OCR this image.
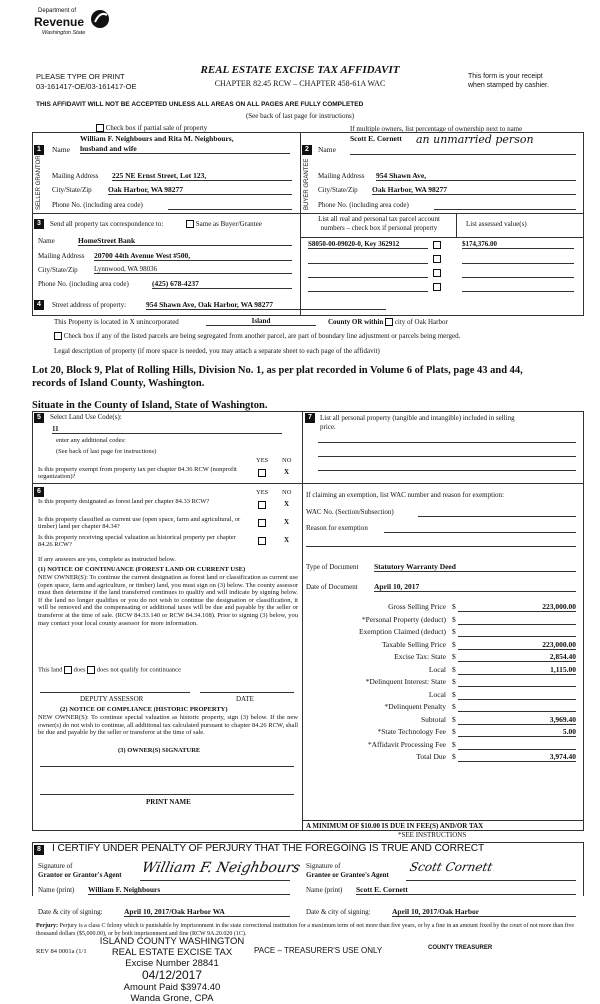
Department of
Revenue
Washington State
PLEASE TYPE OR PRINT
03-161417-OE/03-161417-OE
REAL ESTATE EXCISE TAX AFFIDAVIT
CHAPTER 82.45 RCW – CHAPTER 458-61A WAC
This form is your receipt
when stamped by cashier.
THIS AFFIDAVIT WILL NOT BE ACCEPTED UNLESS ALL AREAS ON ALL PAGES ARE FULLY COMPLETED
(See back of last page for instructions)
Check box if partial sale of property	If multiple owners, list percentage of ownership next to name
1
SELLER GRANTOR
Name
William F. Neighbours and Rita M. Neighbours,
husband and wife
Mailing Address 225 NE Ernst Street, Lot 123,
City/State/Zip Oak Harbor, WA 98277
Phone No. (including area code)
2
BUYER GRANTEE
Name
Scott E. Cornett an unmarried person
Mailing Address 954 Shawn Ave,
City/State/Zip Oak Harbor, WA 98277
Phone No. (including area code)
3	Send all property tax correspondence to:	Same as Buyer/Grantee
Name	HomeStreet Bank
Mailing Address 20700 44th Avenue West #500,
City/State/Zip Lynnwood, WA 98036
Phone No. (including area code)	(425) 678-4237
List all real and personal tax parcel account
numbers – check box if personal property	List assessed value(s)
S8050-00-09020-0, Key 362912	$174,376.00
4	Street address of property:	954 Shawn Ave, Oak Harbor, WA 98277
This Property is located in X unincorporated	Island	County OR within city of Oak Harbor
Check box if any of the listed parcels are being segregated from another parcel, are part of boundary line adjustment or parcels being merged.
Legal description of property (if more space is needed, you may attach a separate sheet to each page of the affidavit)
Lot 20, Block 9, Plat of Rolling Hills, Division No. 1, as per plat recorded in Volume 6 of Plats, page 43 and 44,
records of Island County, Washington.
Situate in the County of Island, State of Washington.
5	Select Land Use Code(s):
11
enter any additional codes:
(See back of last page for instructions)
YES NO
Is this property exempt from property tax per chapter 84.36 RCW (nonprofit organization)?
X
6	YES NO
Is this property designated as forest land per chapter 84.33 RCW?	X
Is this property classified as current use (open space, farm and agricultural, or timber) land per chapter 84.34?
X
Is this property receiving special valuation as historical property per chapter 84.26 RCW?
X
If any answers are yes, complete as instructed below.
(1) NOTICE OF CONTINUANCE (FOREST LAND OR CURRENT USE)
NEW OWNER(S): To continue the current designation as forest land or classification as current use (open space, farm and agriculture, or timber) land, you must sign on (3) below. The county assessor must then determine if the land transferred continues to qualify and will indicate by signing below. If the land no longer qualifies or you do not wish to continue the designation or classification, it will be removed and the compensating or additional taxes will be due and payable by the seller or transferor at the time of sale. (RCW 84.33.140 or RCW 84.34.108). Prior to signing (3) below, you may contact your local county assessor for more information.
This land does does not qualify for continuance
DEPUTY ASSESSOR	DATE
(2) NOTICE OF COMPLIANCE (HISTORIC PROPERTY)
NEW OWNER(S): To continue special valuation as historic property, sign (3) below. If the new owner(s) do not wish to continue, all additional tax calculated pursuant to chapter 84.26 RCW, shall be due and payable by the seller or transferor at the time of sale.
(3) OWNER(S) SIGNATURE
PRINT NAME
7	List all personal property (tangible and intangible) included in selling
price.
If claiming an exemption, list WAC number and reason for exemption:
WAC No. (Section/Subsection)
Reason for exemption
Type of Document Statutory Warranty Deed
Date of Document April 10, 2017
Gross Selling Price $	223,000.00
*Personal Property (deduct) $
Exemption Claimed (deduct) $
Taxable Selling Price $	223,000.00
Excise Tax: State $	2,854.40
Local $	1,115.00
*Delinquent Interest: State $
Local $
*Delinquent Penalty $
Subtotal $	3,969.40
*State Technology Fee $	5.00
*Affidavit Processing Fee $
Total Due $	3,974.40
A MINIMUM OF $10.00 IS DUE IN FEE(S) AND/OR TAX
*SEE INSTRUCTIONS
8 I CERTIFY UNDER PENALTY OF PERJURY THAT THE FOREGOING IS TRUE AND CORRECT
Signature of
Grantor or Grantor's Agent William F. Neighbours Signature of
Grantee or Grantee's Agent
Scott Cornett
Name (print) William F. Neighbours	Name (print) Scott E. Cornett
Date & city of signing:	April 10, 2017/Oak Harbor WA	Date & city of signing:	April 10, 2017/Oak Harbor
Perjury: Perjury is a class C felony which is punishable by imprisonment in the state correctional institution for a maximum term of not more than five years, or by a fine in an amount fixed by the court of not more than five thousand dollars ($5,000.00), or by both imprisonment and fine (RCW 9A.20.020 (1C).
REV 84 0001a (1/1
ISLAND COUNTY WASHINGTON
REAL ESTATE EXCISE TAX
Excise Number 28841
04/12/2017
Amount Paid $3974.40
Wanda Grone, CPA
PACE – TREASURER'S USE ONLY	COUNTY TREASURER
